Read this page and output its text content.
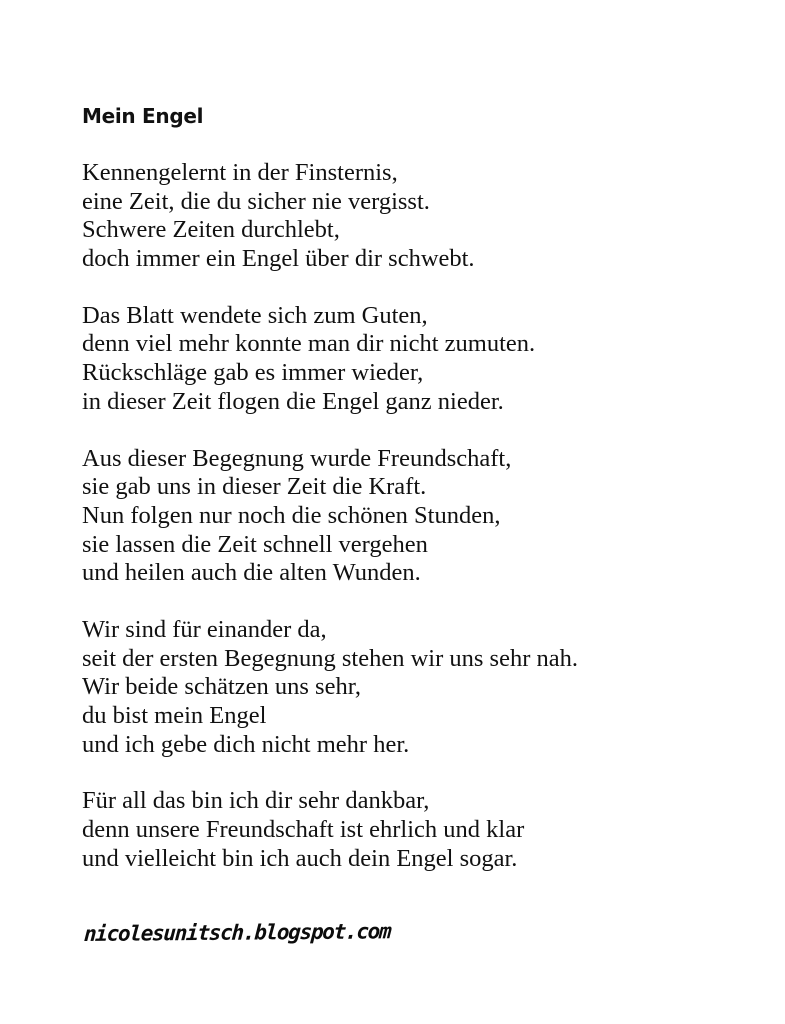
Mein Engel
Kennengelernt in der Finsternis,
eine Zeit, die du sicher nie vergisst.
Schwere Zeiten durchlebt,
doch immer ein Engel über dir schwebt.
Das Blatt wendete sich zum Guten,
denn viel mehr konnte man dir nicht zumuten.
Rückschläge gab es immer wieder,
in dieser Zeit flogen die Engel ganz nieder.
Aus dieser Begegnung wurde Freundschaft,
sie gab uns in dieser Zeit die Kraft.
Nun folgen nur noch die schönen Stunden,
sie lassen die Zeit schnell vergehen
und heilen auch die alten Wunden.
Wir sind für einander da,
seit der ersten Begegnung stehen wir uns sehr nah.
Wir beide schätzen uns sehr,
du bist mein Engel
und ich gebe dich nicht mehr her.
Für all das bin ich dir sehr dankbar,
denn unsere Freundschaft ist ehrlich und klar
und vielleicht bin ich auch dein Engel sogar.
nicolesunitsch.blogspot.com
